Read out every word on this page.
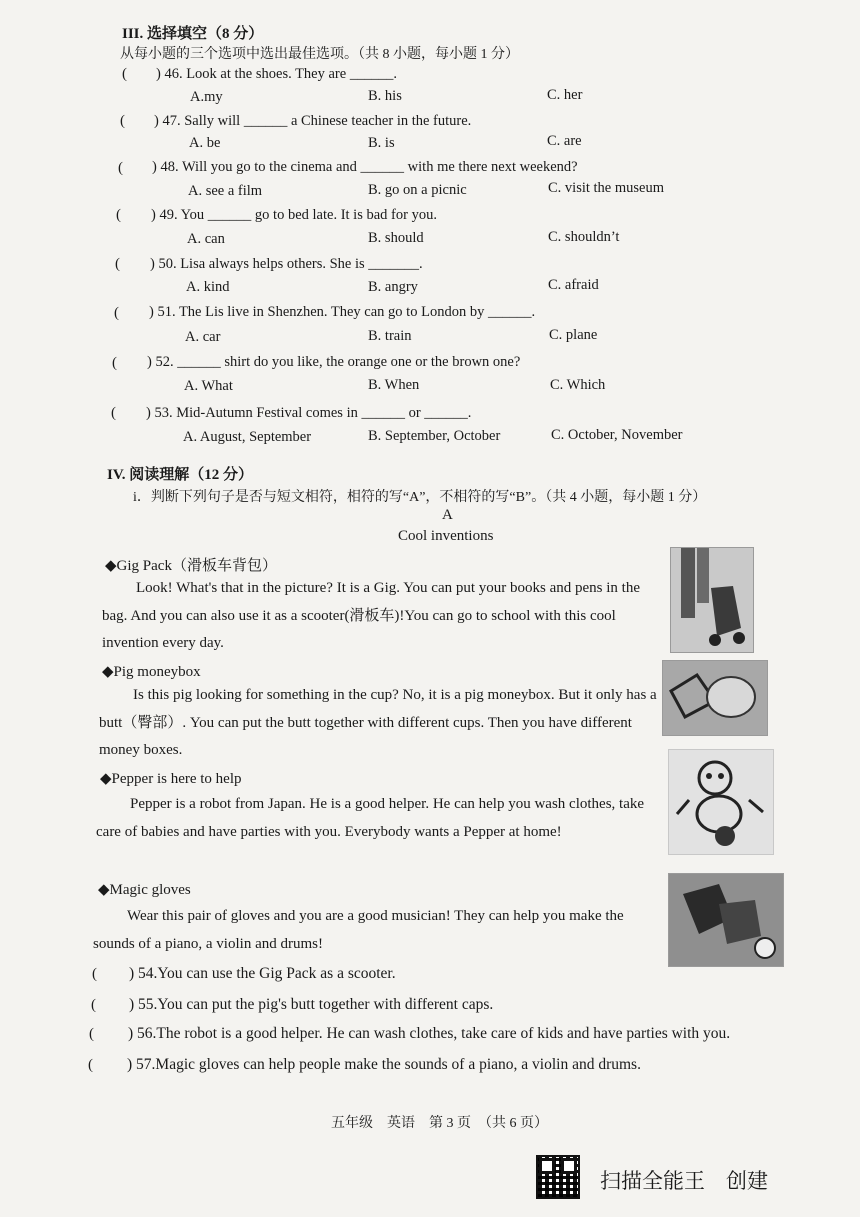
III. 选择填空（8 分）
从每小题的三个选项中选出最佳选项。（共 8 小题，每小题 1 分）
( ) 46. Look at the shoes. They are ______.
A.my	B. his	C. her
( ) 47. Sally will ______ a Chinese teacher in the future.
A. be	B. is	C. are
( ) 48. Will you go to the cinema and ______ with me there next weekend?
A. see a film	B. go on a picnic	C. visit the museum
( ) 49. You ______ go to bed late. It is bad for you.
A. can	B. should	C. shouldn’t
( ) 50. Lisa always helps others. She is _______.
A. kind	B. angry	C. afraid
( ) 51. The Lis live in Shenzhen. They can go to London by ______.
A. car	B. train	C. plane
( ) 52. ______ shirt do you like, the orange one or the brown one?
A. What	B. When	C. Which
( ) 53. Mid-Autumn Festival comes in ______ or ______.
A. August, September	B. September, October	C. October, November
IV. 阅读理解（12 分）
i．判断下列句子是否与短文相符，相符的写“A”，不相符的写“B”。（共 4 小题，每小题 1 分）
A
Cool inventions
◆Gig Pack（滑板车背包）
Look! What's that in the picture? It is a Gig. You can put your books and pens in the bag. And you can also use it as a scooter(滑板车)!You can go to school with this cool invention every day.
◆Pig moneybox
Is this pig looking for something in the cup? No, it is a pig moneybox. But it only has a butt（臀部）. You can put the butt together with different cups. Then you have different money boxes.
◆Pepper is here to help
Pepper is a robot from Japan. He is a good helper. He can help you wash clothes, take care of babies and have parties with you. Everybody wants a Pepper at home!
◆Magic gloves
Wear this pair of gloves and you are a good musician! They can help you make the sounds of a piano, a violin and drums!
( ) 54.You can use the Gig Pack as a scooter.
( ) 55.You can put the pig's butt together with different caps.
( ) 56.The robot is a good helper. He can wash clothes, take care of kids and have parties with you.
( ) 57.Magic gloves can help people make the sounds of a piano, a violin and drums.
五年级　英语　第 3 页　（共 6 页）
扫描全能王　创建
